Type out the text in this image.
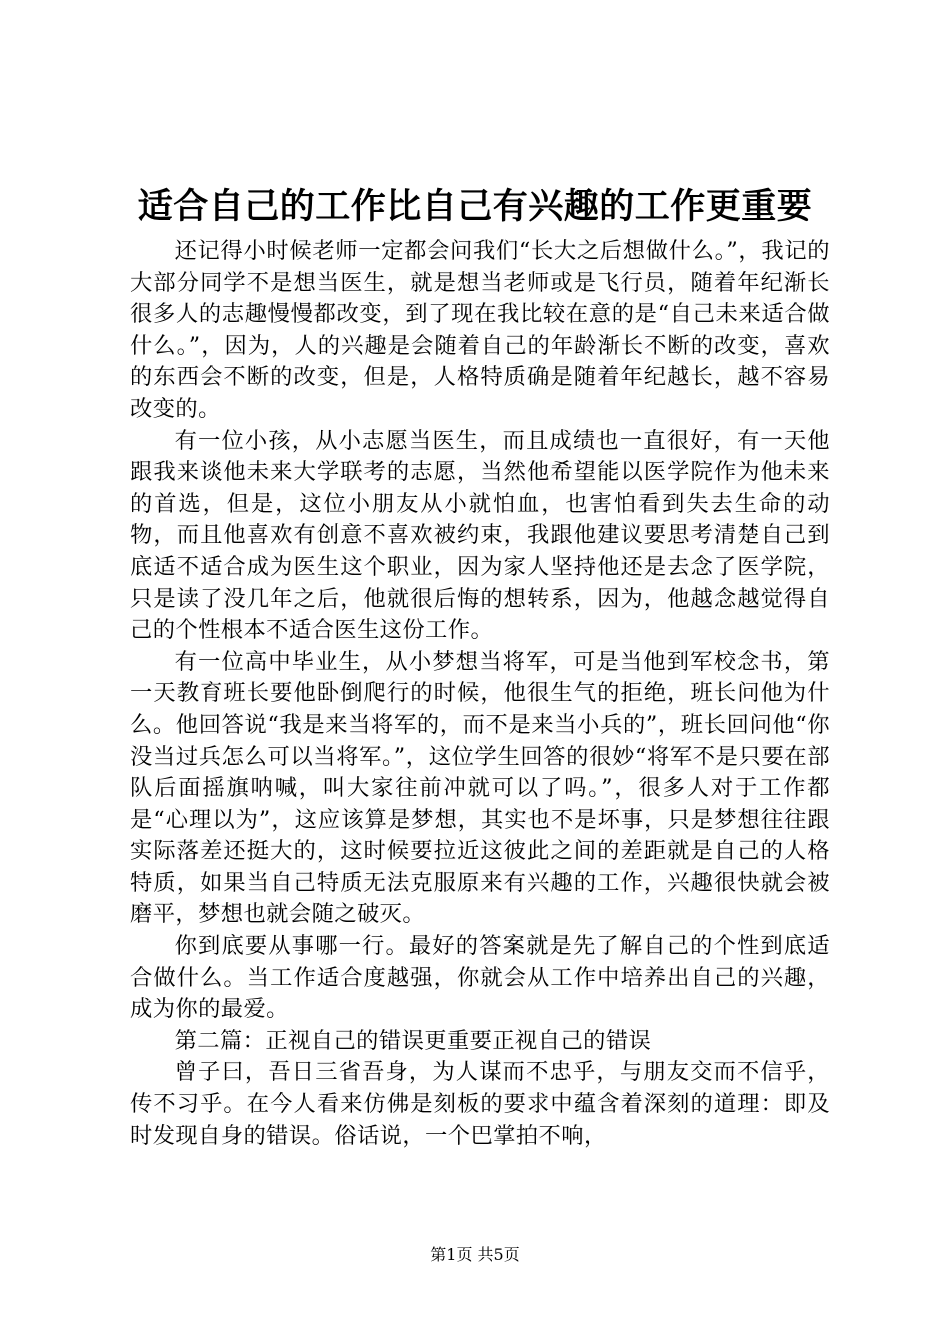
适合自己的工作比自己有兴趣的工作更重要

还记得小时候老师一定都会问我们“长大之后想做什么。”，我记的大部分同学不是想当医生，就是想当老师或是飞行员，随着年纪渐长很多人的志趣慢慢都改变，到了现在我比较在意的是“自己未来适合做什么。”，因为，人的兴趣是会随着自己的年龄渐长不断的改变，喜欢的东西会不断的改变，但是，人格特质确是随着年纪越长，越不容易改变的。

有一位小孩，从小志愿当医生，而且成绩也一直很好，有一天他跟我来谈他未来大学联考的志愿，当然他希望能以医学院作为他未来的首选，但是，这位小朋友从小就怕血，也害怕看到失去生命的动物，而且他喜欢有创意不喜欢被约束，我跟他建议要思考清楚自己到底适不适合成为医生这个职业，因为家人坚持他还是去念了医学院，只是读了没几年之后，他就很后悔的想转系，因为，他越念越觉得自己的个性根本不适合医生这份工作。

有一位高中毕业生，从小梦想当将军，可是当他到军校念书，第一天教育班长要他卧倒爬行的时候，他很生气的拒绝，班长问他为什么。他回答说“我是来当将军的，而不是来当小兵的”，班长回问他“你没当过兵怎么可以当将军。”，这位学生回答的很妙“将军不是只要在部队后面摇旗呐喊，叫大家往前冲就可以了吗。”，很多人对于工作都是“心理以为”，这应该算是梦想，其实也不是坏事，只是梦想往往跟实际落差还挺大的，这时候要拉近这彼此之间的差距就是自己的人格特质，如果当自己特质无法克服原来有兴趣的工作，兴趣很快就会被磨平，梦想也就会随之破灭。

你到底要从事哪一行。最好的答案就是先了解自己的个性到底适合做什么。当工作适合度越强，你就会从工作中培养出自己的兴趣，成为你的最爱。

第二篇：正视自己的错误更重要正视自己的错误

曾子曰，吾日三省吾身，为人谋而不忠乎，与朋友交而不信乎，传不习乎。在今人看来仿佛是刻板的要求中蕴含着深刻的道理：即及时发现自身的错误。俗话说，一个巴掌拍不响，

第1页 共5页
